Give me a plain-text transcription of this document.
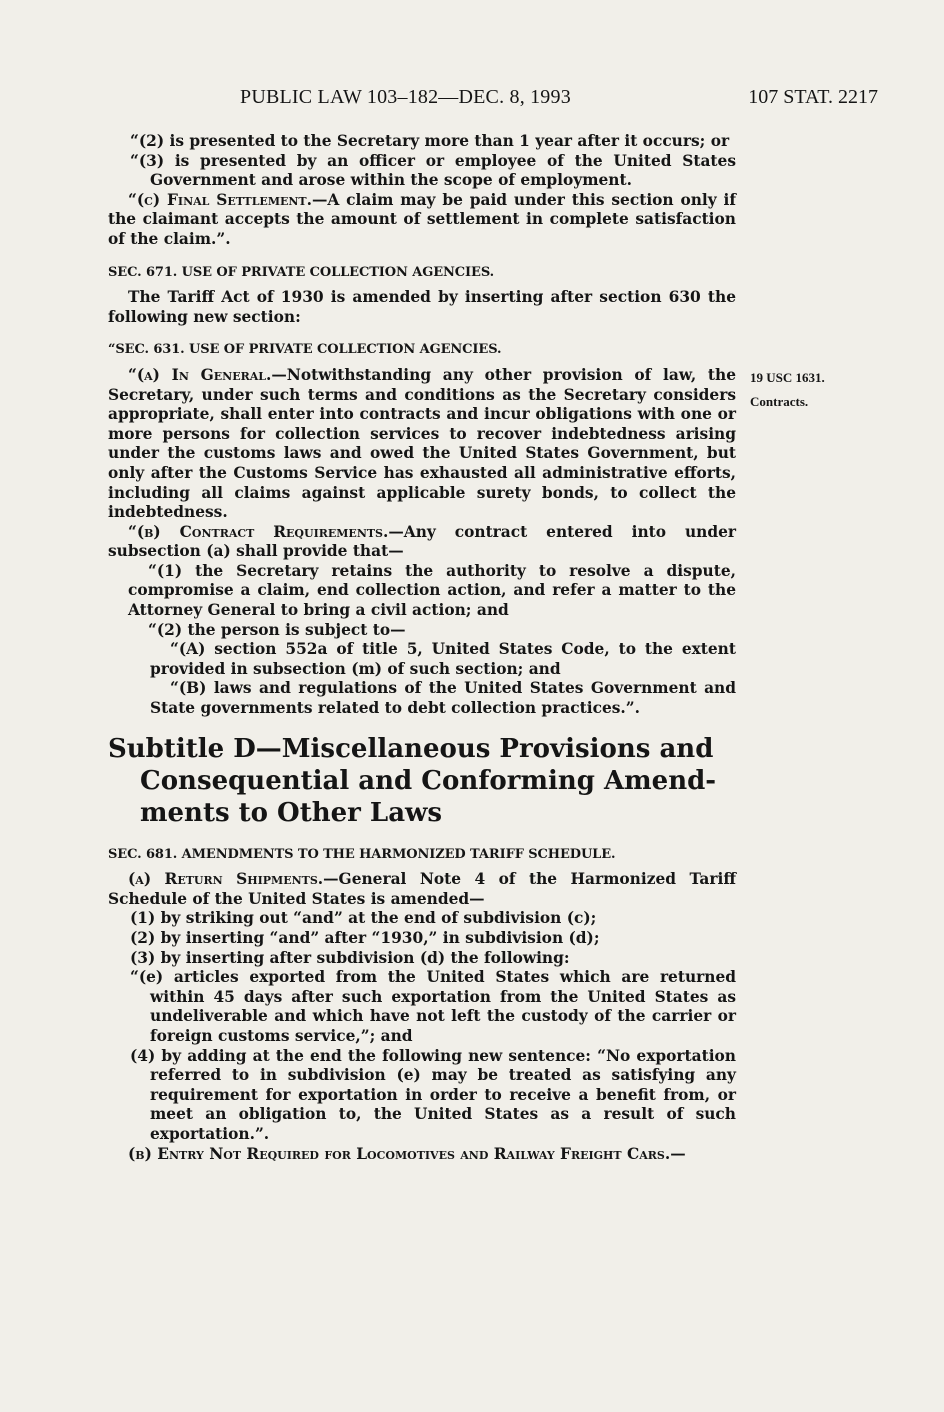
PUBLIC LAW 103–182—DEC. 8, 1993	107 STAT. 2217
19 USC 1631.
Contracts.

“(2) is presented to the Secretary more than 1 year after it occurs; or

“(3) is presented by an officer or employee of the United States Government and arose within the scope of employment.

“(c) Final Settlement.—A claim may be paid under this section only if the claimant accepts the amount of settlement in complete satisfaction of the claim.”.

SEC. 671. USE OF PRIVATE COLLECTION AGENCIES.

The Tariff Act of 1930 is amended by inserting after section 630 the following new section:

“SEC. 631. USE OF PRIVATE COLLECTION AGENCIES.

“(a) In General.—Notwithstanding any other provision of law, the Secretary, under such terms and conditions as the Secretary considers appropriate, shall enter into contracts and incur obligations with one or more persons for collection services to recover indebtedness arising under the customs laws and owed the United States Government, but only after the Customs Service has exhausted all administrative efforts, including all claims against applicable surety bonds, to collect the indebtedness.

“(b) Contract Requirements.—Any contract entered into under subsection (a) shall provide that—

“(1) the Secretary retains the authority to resolve a dispute, compromise a claim, end collection action, and refer a matter to the Attorney General to bring a civil action; and

“(2) the person is subject to—

“(A) section 552a of title 5, United States Code, to the extent provided in subsection (m) of such section; and

“(B) laws and regulations of the United States Government and State governments related to debt collection practices.”.

Subtitle D—Miscellaneous Provisions and

Consequential and Conforming Amend-
ments to Other Laws

SEC. 681. AMENDMENTS TO THE HARMONIZED TARIFF SCHEDULE.

(a) Return Shipments.—General Note 4 of the Harmonized Tariff Schedule of the United States is amended—

(1) by striking out “and” at the end of subdivision (c);

(2) by inserting “and” after “1930,” in subdivision (d);

(3) by inserting after subdivision (d) the following:

“(e) articles exported from the United States which are returned within 45 days after such exportation from the United States as undeliverable and which have not left the custody of the carrier or foreign customs service,”; and

(4) by adding at the end the following new sentence: “No exportation referred to in subdivision (e) may be treated as satisfying any requirement for exportation in order to receive a benefit from, or meet an obligation to, the United States as a result of such exportation.”.

(b) Entry Not Required for Locomotives and Railway Freight Cars.—
